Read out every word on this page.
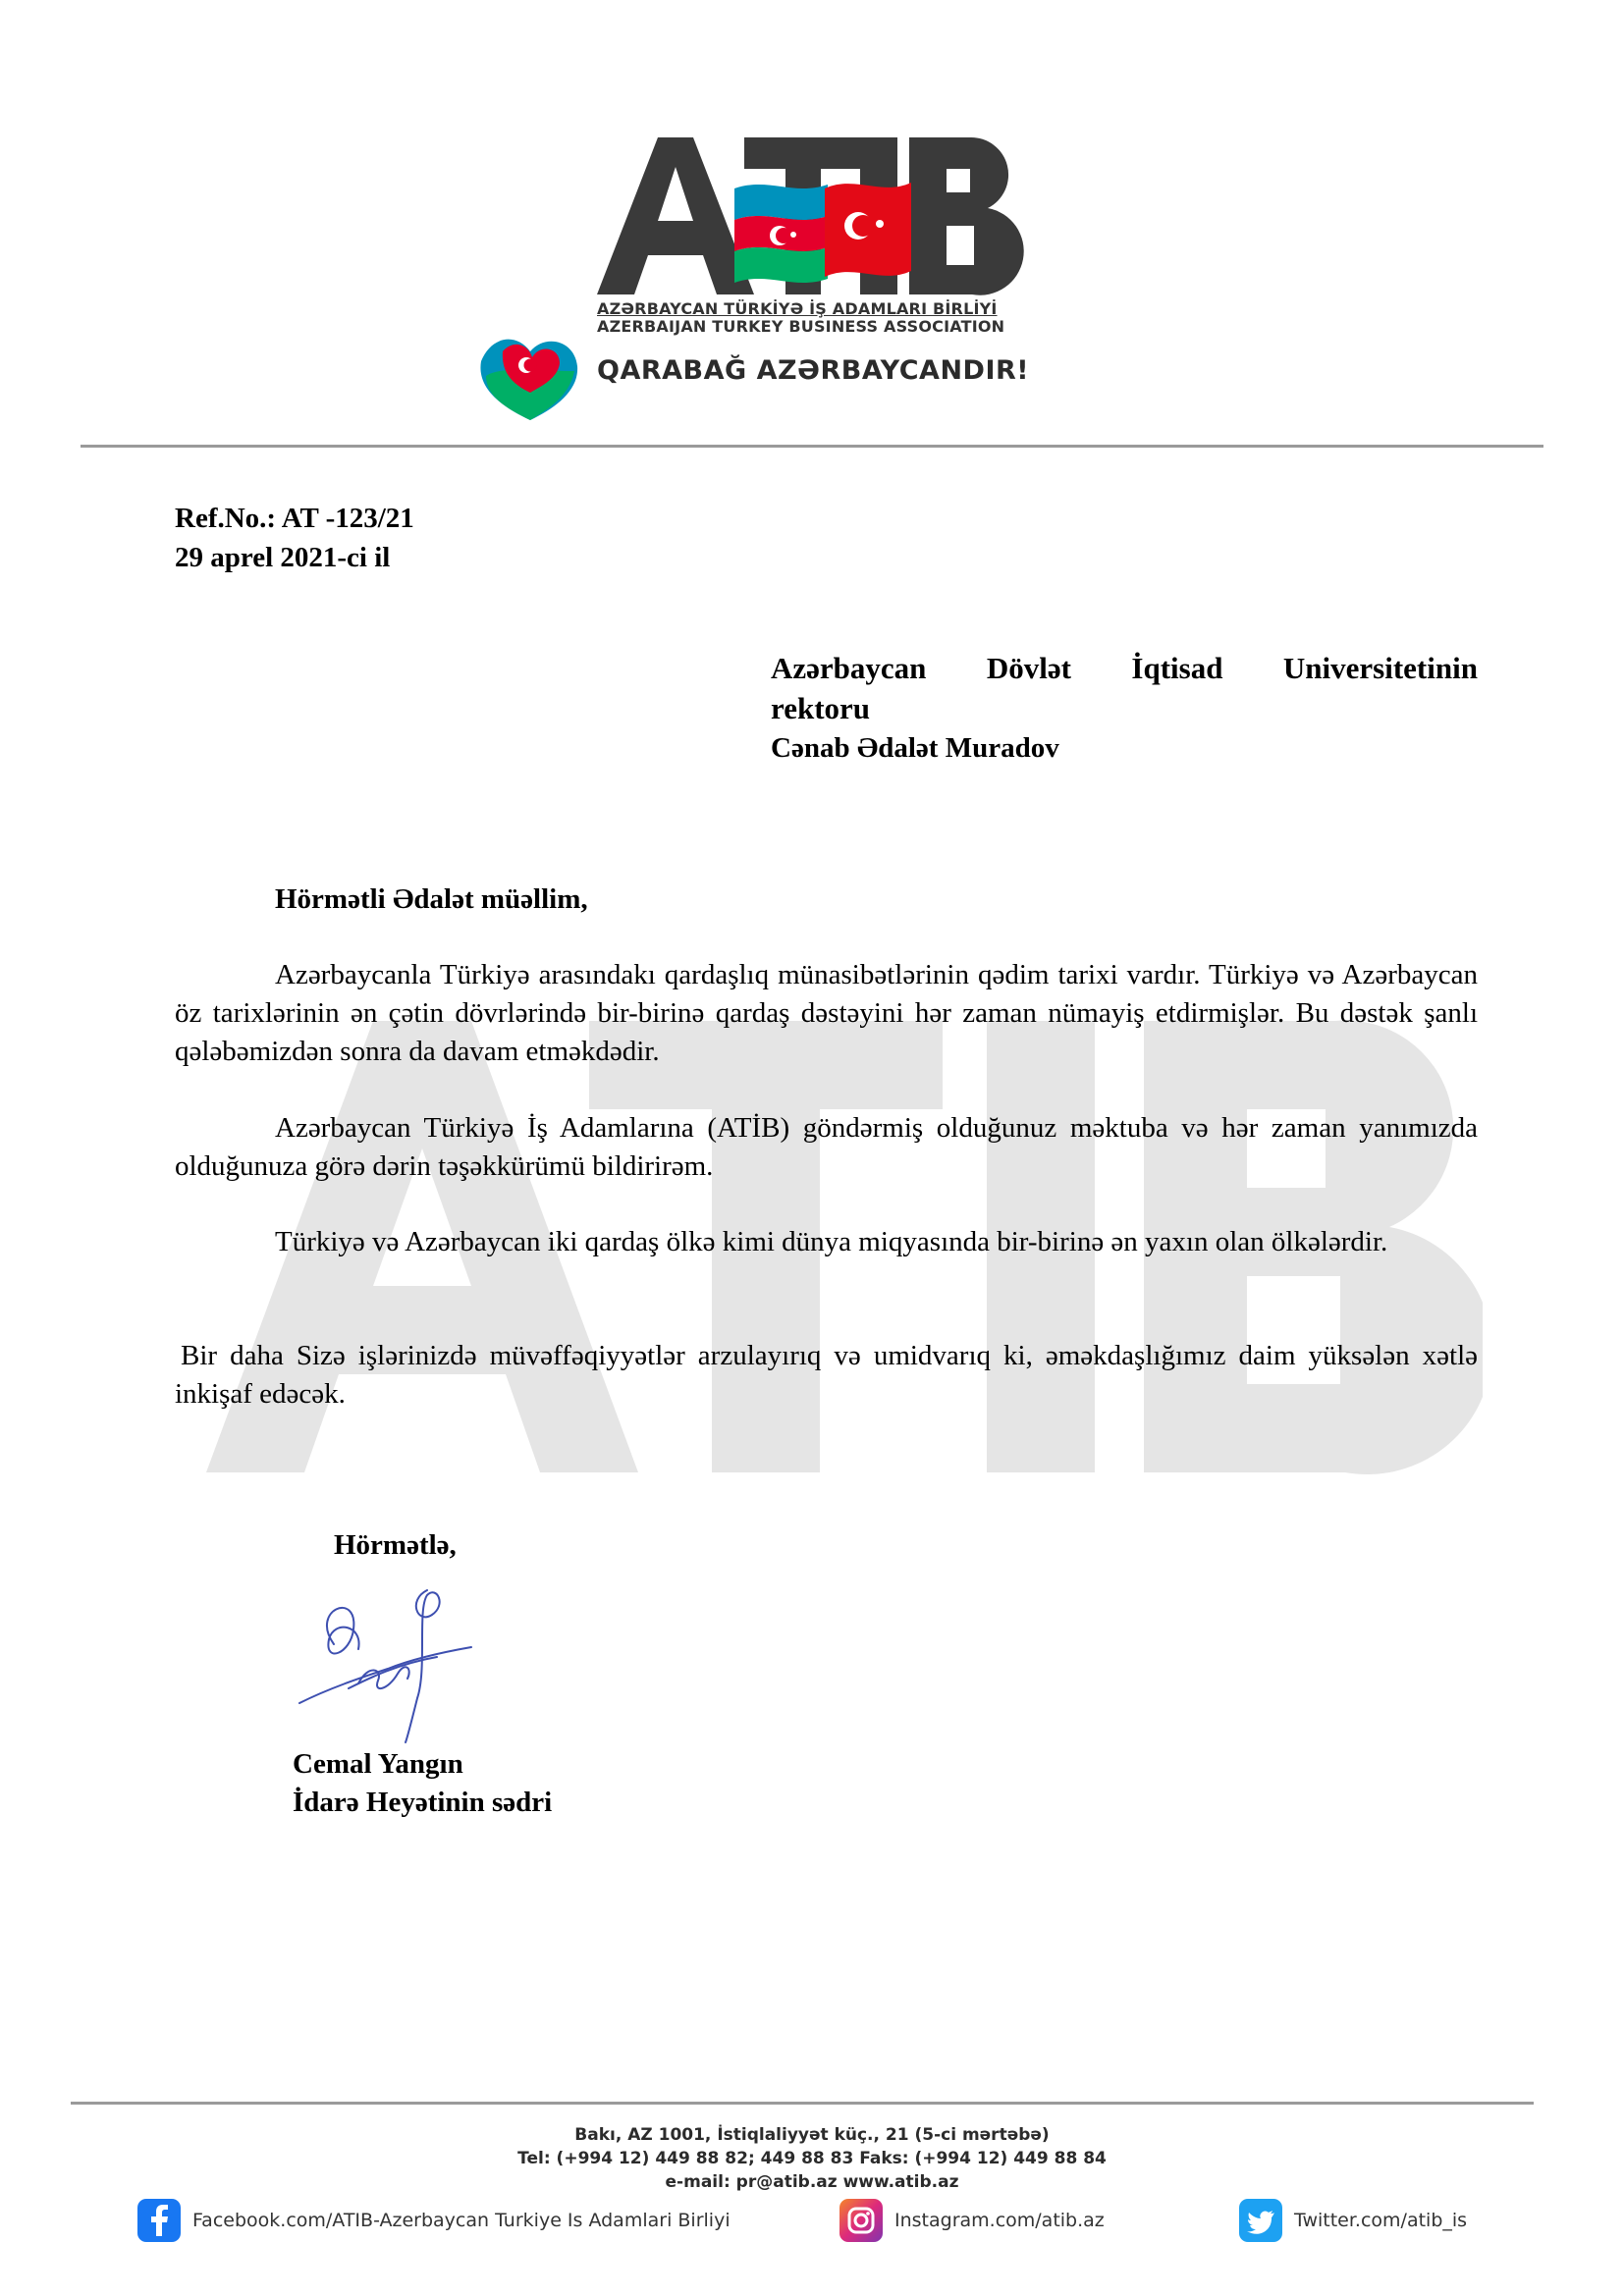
AZƏRBAYCAN TÜRKİYƏ İŞ ADAMLARI BİRLİYİ
AZERBAIJAN TURKEY BUSINESS ASSOCIATION
QARABAĞ AZƏRBAYCANDIR!
Ref.No.: AT -123/21
29 aprel 2021-ci il
Azərbaycan Dövlət İqtisad Universitetinin
rektoru
Cənab Ədalət Muradov
Hörmətli Ədalət müəllim,

Azərbaycanla Türkiyə arasındakı qardaşlıq münasibətlərinin qədim tarixi vardır. Türkiyə və Azərbaycan öz tarixlərinin ən çətin dövrlərində bir-birinə qardaş dəstəyini hər zaman nümayiş etdirmişlər. Bu dəstək şanlı qələbəmizdən sonra da davam etməkdədir.

Azərbaycan Türkiyə İş Adamlarına (ATİB) göndərmiş olduğunuz məktuba və hər zaman yanımızda olduğunuza görə dərin təşəkkürümü bildirirəm.

Türkiyə və Azərbaycan iki qardaş ölkə kimi dünya miqyasında bir-birinə ən yaxın olan ölkələrdir.

Bir daha Sizə işlərinizdə müvəffəqiyyətlər arzulayırıq və umidvarıq ki, əməkdaşlığımız daim yüksələn xətlə inkişaf edəcək.

Hörmətlə,
Cemal Yangın
İdarə Heyətinin sədri
Bakı, AZ 1001, İstiqlaliyyət küç., 21 (5-ci mərtəbə)
Tel: (+994 12) 449 88 82; 449 88 83 Faks: (+994 12) 449 88 84
e-mail: pr@atib.az www.atib.az
Facebook.com/ATIB-Azerbaycan Turkiye Is Adamlari Birliyi	Instagram.com/atib.az	Twitter.com/atib_is
